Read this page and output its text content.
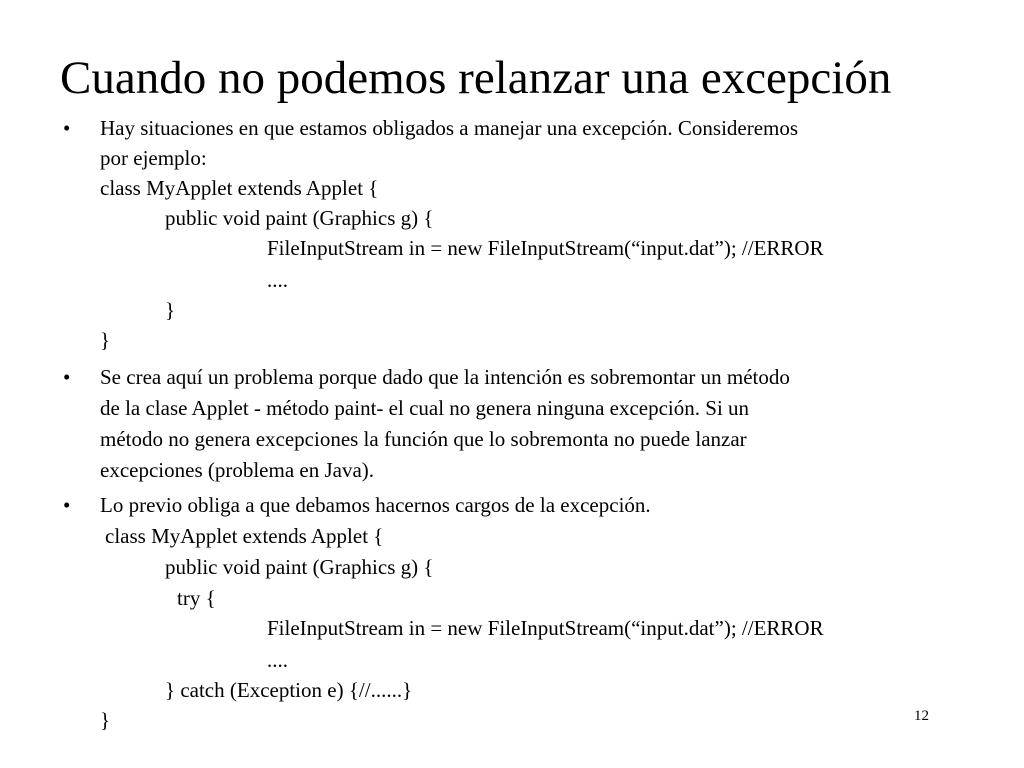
Cuando no podemos relanzar una excepción
• Hay situaciones en que estamos obligados a manejar una excepción. Consideremos
por ejemplo:
class MyApplet extends Applet {
public void paint (Graphics g) {
FileInputStream in = new FileInputStream(“input.dat”); //ERROR
....
}
}
• Se crea aquí un problema porque dado que la intención es sobremontar un método
de la clase Applet - método paint- el cual no genera ninguna excepción. Si un
método no genera excepciones la función que lo sobremonta no puede lanzar
excepciones (problema en Java).
• Lo previo obliga a que debamos hacernos cargos de la excepción.
class MyApplet extends Applet {
public void paint (Graphics g) {
try {
FileInputStream in = new FileInputStream(“input.dat”); //ERROR
....
} catch (Exception e) {//......}
}	12
